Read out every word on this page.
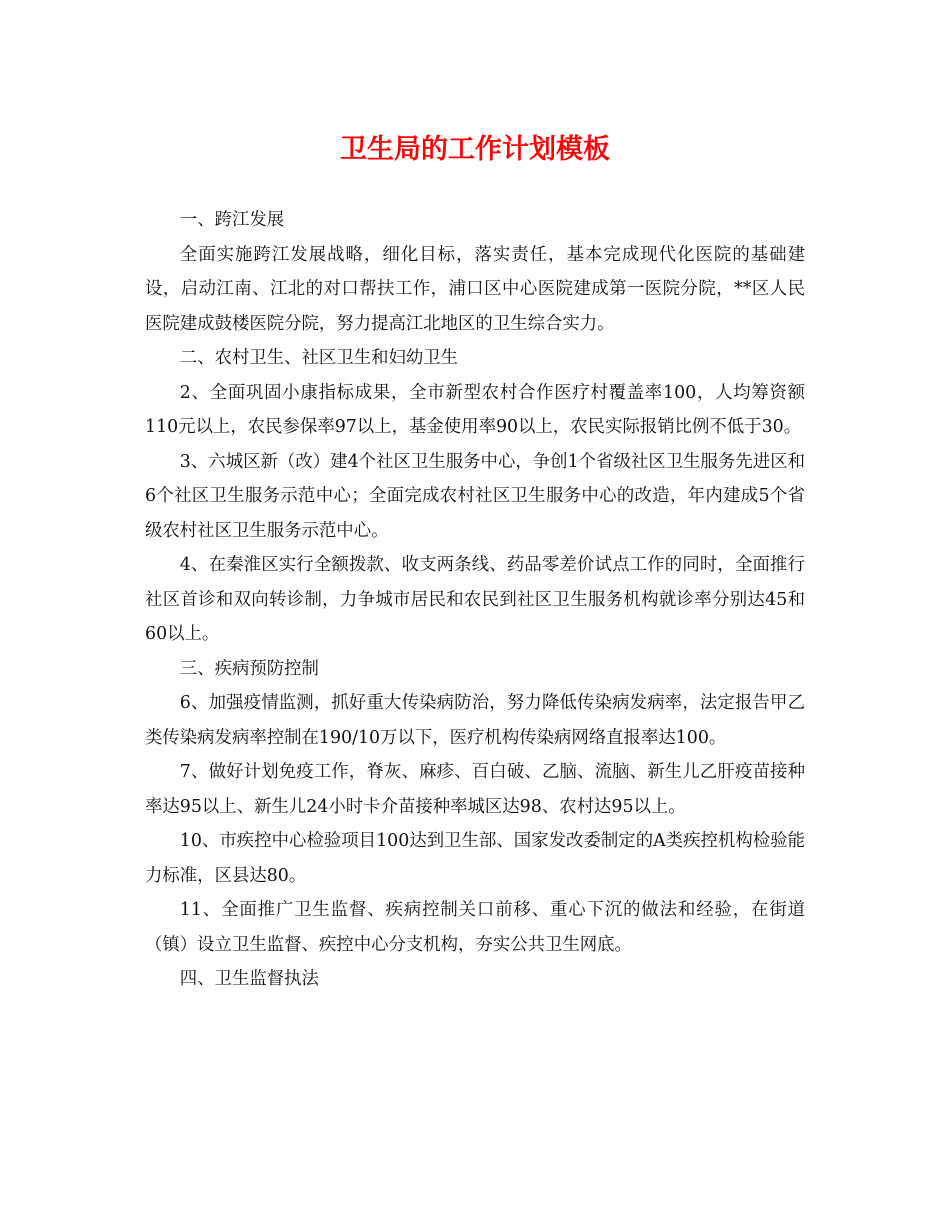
卫生局的工作计划模板

一、跨江发展

全面实施跨江发展战略，细化目标，落实责任，基本完成现代化医院的基础建设，启动江南、江北的对口帮扶工作，浦口区中心医院建成第一医院分院，**区人民医院建成鼓楼医院分院，努力提高江北地区的卫生综合实力。

二、农村卫生、社区卫生和妇幼卫生

2、全面巩固小康指标成果，全市新型农村合作医疗村覆盖率100，人均筹资额110元以上，农民参保率97以上，基金使用率90以上，农民实际报销比例不低于30。

3、六城区新（改）建4个社区卫生服务中心，争创1个省级社区卫生服务先进区和6个社区卫生服务示范中心；全面完成农村社区卫生服务中心的改造，年内建成5个省级农村社区卫生服务示范中心。

4、在秦淮区实行全额拨款、收支两条线、药品零差价试点工作的同时，全面推行社区首诊和双向转诊制，力争城市居民和农民到社区卫生服务机构就诊率分别达45和60以上。

三、疾病预防控制

6、加强疫情监测，抓好重大传染病防治，努力降低传染病发病率，法定报告甲乙类传染病发病率控制在190/10万以下，医疗机构传染病网络直报率达100。

7、做好计划免疫工作，脊灰、麻疹、百白破、乙脑、流脑、新生儿乙肝疫苗接种率达95以上、新生儿24小时卡介苗接种率城区达98、农村达95以上。

10、市疾控中心检验项目100达到卫生部、国家发改委制定的A类疾控机构检验能力标准，区县达80。

11、全面推广卫生监督、疾病控制关口前移、重心下沉的做法和经验，在街道（镇）设立卫生监督、疾控中心分支机构，夯实公共卫生网底。

四、卫生监督执法
